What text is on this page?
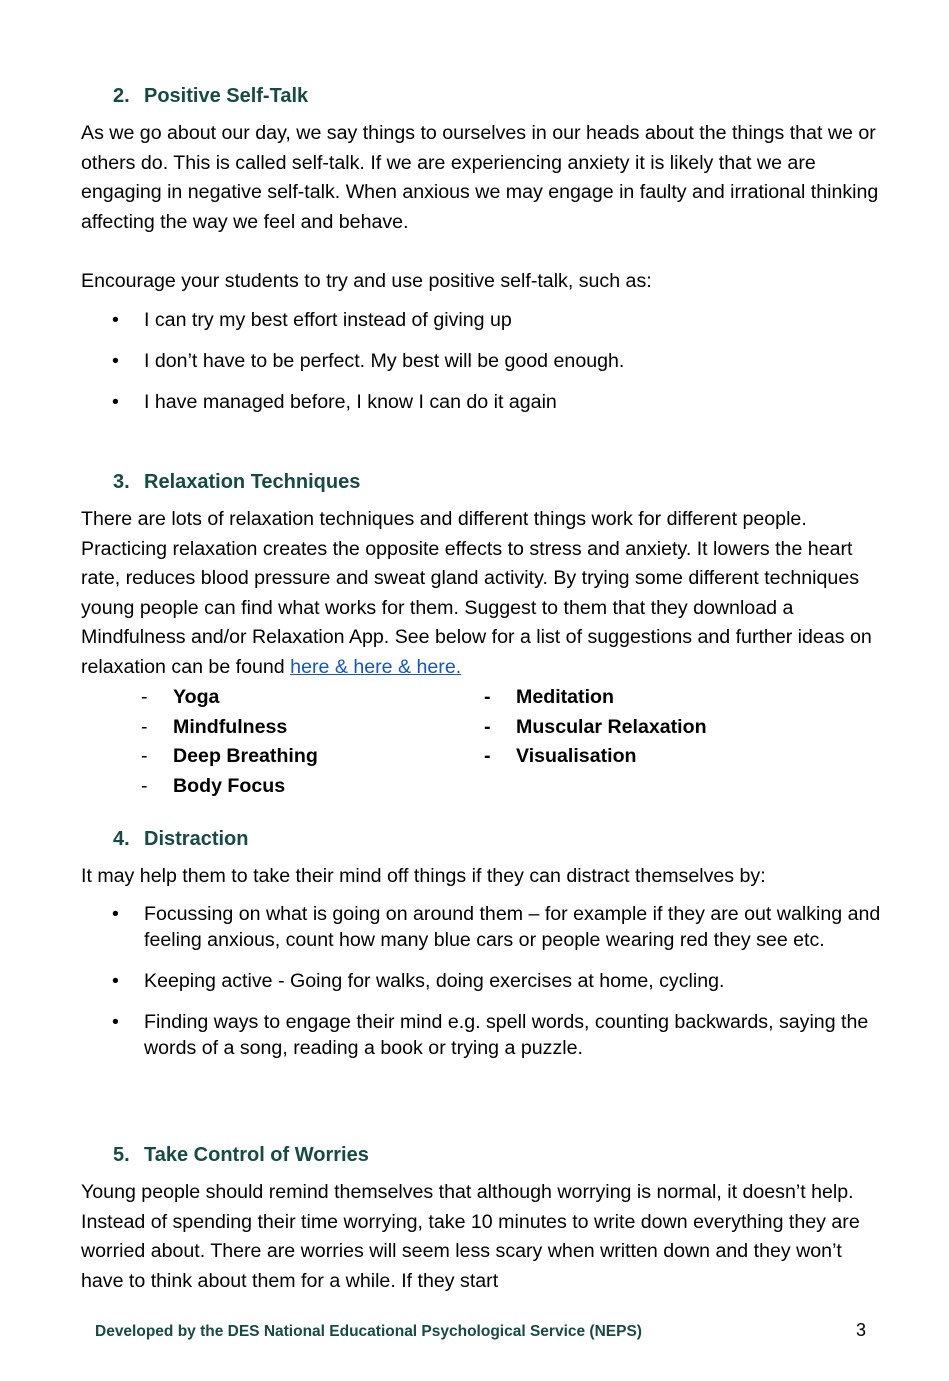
2. Positive Self-Talk

As we go about our day, we say things to ourselves in our heads about the things that we or others do. This is called self-talk. If we are experiencing anxiety it is likely that we are engaging in negative self-talk. When anxious we may engage in faulty and irrational thinking affecting the way we feel and behave.

Encourage your students to try and use positive self-talk, such as:

• I can try my best effort instead of giving up
• I don’t have to be perfect. My best will be good enough.
• I have managed before, I know I can do it again
3. Relaxation Techniques

There are lots of relaxation techniques and different things work for different people. Practicing relaxation creates the opposite effects to stress and anxiety. It lowers the heart rate, reduces blood pressure and sweat gland activity. By trying some different techniques young people can find what works for them. Suggest to them that they download a Mindfulness and/or Relaxation App. See below for a list of suggestions and further ideas on relaxation can be found here & here & here.

- Yoga
- Mindfulness
- Deep Breathing
- Body Focus
- Meditation
- Muscular Relaxation
- Visualisation
4. Distraction

It may help them to take their mind off things if they can distract themselves by:

• Focussing on what is going on around them – for example if they are out walking and feeling anxious, count how many blue cars or people wearing red they see etc.
• Keeping active - Going for walks, doing exercises at home, cycling.
• Finding ways to engage their mind e.g. spell words, counting backwards, saying the words of a song, reading a book or trying a puzzle.
5. Take Control of Worries

Young people should remind themselves that although worrying is normal, it doesn’t help. Instead of spending their time worrying, take 10 minutes to write down everything they are worried about. There are worries will seem less scary when written down and they won’t have to think about them for a while. If they start

Developed by the DES National Educational Psychological Service (NEPS)	3
